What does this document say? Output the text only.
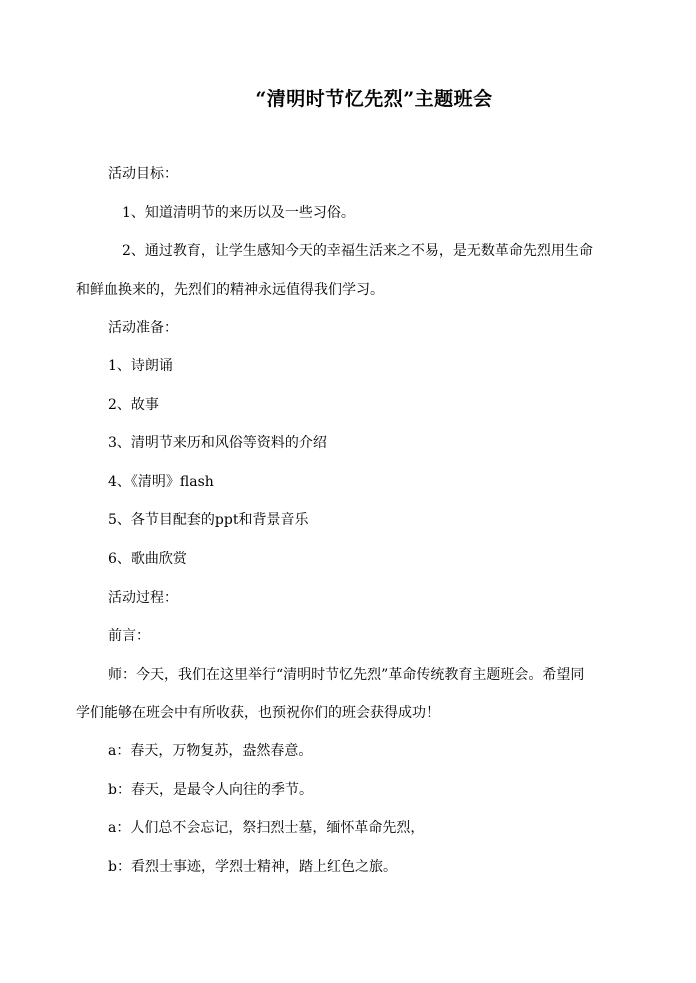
“清明时节忆先烈”主题班会
活动目标：
1、知道清明节的来历以及一些习俗。
2、通过教育，让学生感知今天的幸福生活来之不易，是无数革命先烈用生命
和鲜血换来的，先烈们的精神永远值得我们学习。
活动准备：
1、诗朗诵
2、故事
3、清明节来历和风俗等资料的介绍
4、《清明》flash
5、各节目配套的ppt和背景音乐
6、歌曲欣赏
活动过程：
前言：
师：今天，我们在这里举行“清明时节忆先烈”革命传统教育主题班会。希望同
学们能够在班会中有所收获，也预祝你们的班会获得成功！
a：春天，万物复苏，盎然春意。
b：春天，是最令人向往的季节。
a：人们总不会忘记，祭扫烈士墓，缅怀革命先烈，
b：看烈士事迹，学烈士精神，踏上红色之旅。
